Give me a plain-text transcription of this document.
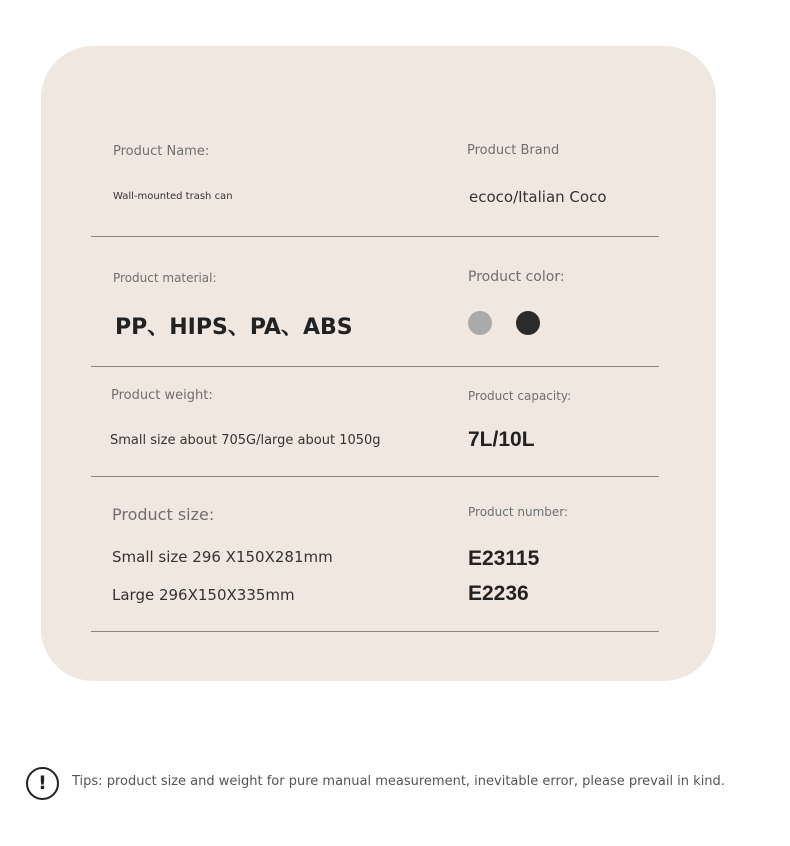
Product Name:
Wall-mounted trash can
Product Brand
ecoco/Italian Coco
Product material:
PP、HIPS、PA、ABS
Product color:
Product weight:
Small size about 705G/large about 1050g
Product capacity:
7L/10L
Product size:
Small size 296 X150X281mm
Large 296X150X335mm
Product number:
E23115
E2236
!	Tips: product size and weight for pure manual measurement, inevitable error, please prevail in kind.
